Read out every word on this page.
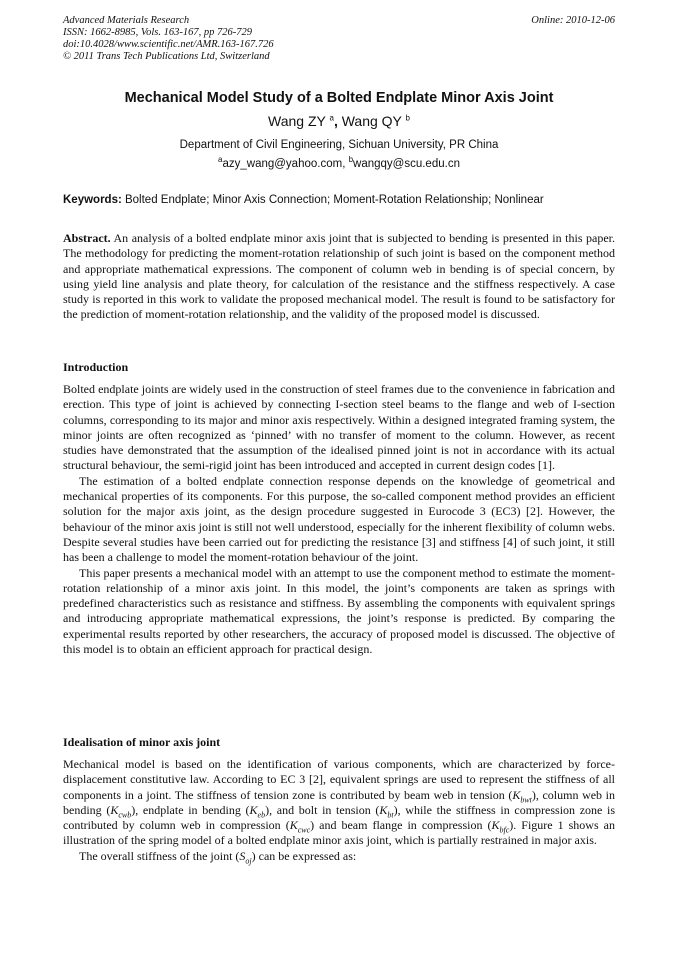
Advanced Materials Research
ISSN: 1662-8985, Vols. 163-167, pp 726-729
doi:10.4028/www.scientific.net/AMR.163-167.726
© 2011 Trans Tech Publications Ltd, Switzerland
Online: 2010-12-06
Mechanical Model Study of a Bolted Endplate Minor Axis Joint
Wang ZY $^a$, Wang QY $^b$
Department of Civil Engineering, Sichuan University, PR China
$^a$azy_wang@yahoo.com, $^b$wangqy@scu.edu.cn
Keywords: Bolted Endplate; Minor Axis Connection; Moment-Rotation Relationship; Nonlinear

Abstract. An analysis of a bolted endplate minor axis joint that is subjected to bending is presented in this paper. The methodology for predicting the moment-rotation relationship of such joint is based on the component method and appropriate mathematical expressions. The component of column web in bending is of special concern, by using yield line analysis and plate theory, for calculation of the resistance and the stiffness respectively. A case study is reported in this work to validate the proposed mechanical model. The result is found to be satisfactory for the prediction of moment-rotation relationship, and the validity of the proposed model is discussed.

Introduction

Bolted endplate joints are widely used in the construction of steel frames due to the convenience in fabrication and erection. This type of joint is achieved by connecting I-section steel beams to the flange and web of I-section columns, corresponding to its major and minor axis respectively. Within a designed integrated framing system, the minor joints are often recognized as ‘pinned’ with no transfer of moment to the column. However, as recent studies have demonstrated that the assumption of the idealised pinned joint is not in accordance with its actual structural behaviour, the semi-rigid joint has been introduced and accepted in current design codes [1].

The estimation of a bolted endplate connection response depends on the knowledge of geometrical and mechanical properties of its components. For this purpose, the so-called component method provides an efficient solution for the major axis joint, as the design procedure suggested in Eurocode 3 (EC3) [2]. However, the behaviour of the minor axis joint is still not well understood, especially for the inherent flexibility of column webs. Despite several studies have been carried out for predicting the resistance [3] and stiffness [4] of such joint, it still has been a challenge to model the moment-rotation behaviour of the joint.

This paper presents a mechanical model with an attempt to use the component method to estimate the moment-rotation relationship of a minor axis joint. In this model, the joint’s components are taken as springs with predefined characteristics such as resistance and stiffness. By assembling the components with equivalent springs and introducing appropriate mathematical expressions, the joint’s response is predicted. By comparing the experimental results reported by other researchers, the accuracy of proposed model is discussed. The objective of this model is to obtain an efficient approach for practical design.

Idealisation of minor axis joint

Mechanical model is based on the identification of various components, which are characterized by force-displacement constitutive law. According to EC 3 [2], equivalent springs are used to represent the stiffness of all components in a joint. The stiffness of tension zone is contributed by beam web in tension $(K_{bwt})$, column web in bending $(K_{cwb})$, endplate in bending $(K_{eb})$, and bolt in tension $(K_{bt})$, while the stiffness in compression zone is contributed by column web in compression $(K_{cwc})$ and beam flange in compression $(K_{bfc})$. Figure 1 shows an illustration of the spring model of a bolted endplate minor axis joint, which is partially restrained in major axis.

The overall stiffness of the joint $(S_{oj})$ can be expressed as:
